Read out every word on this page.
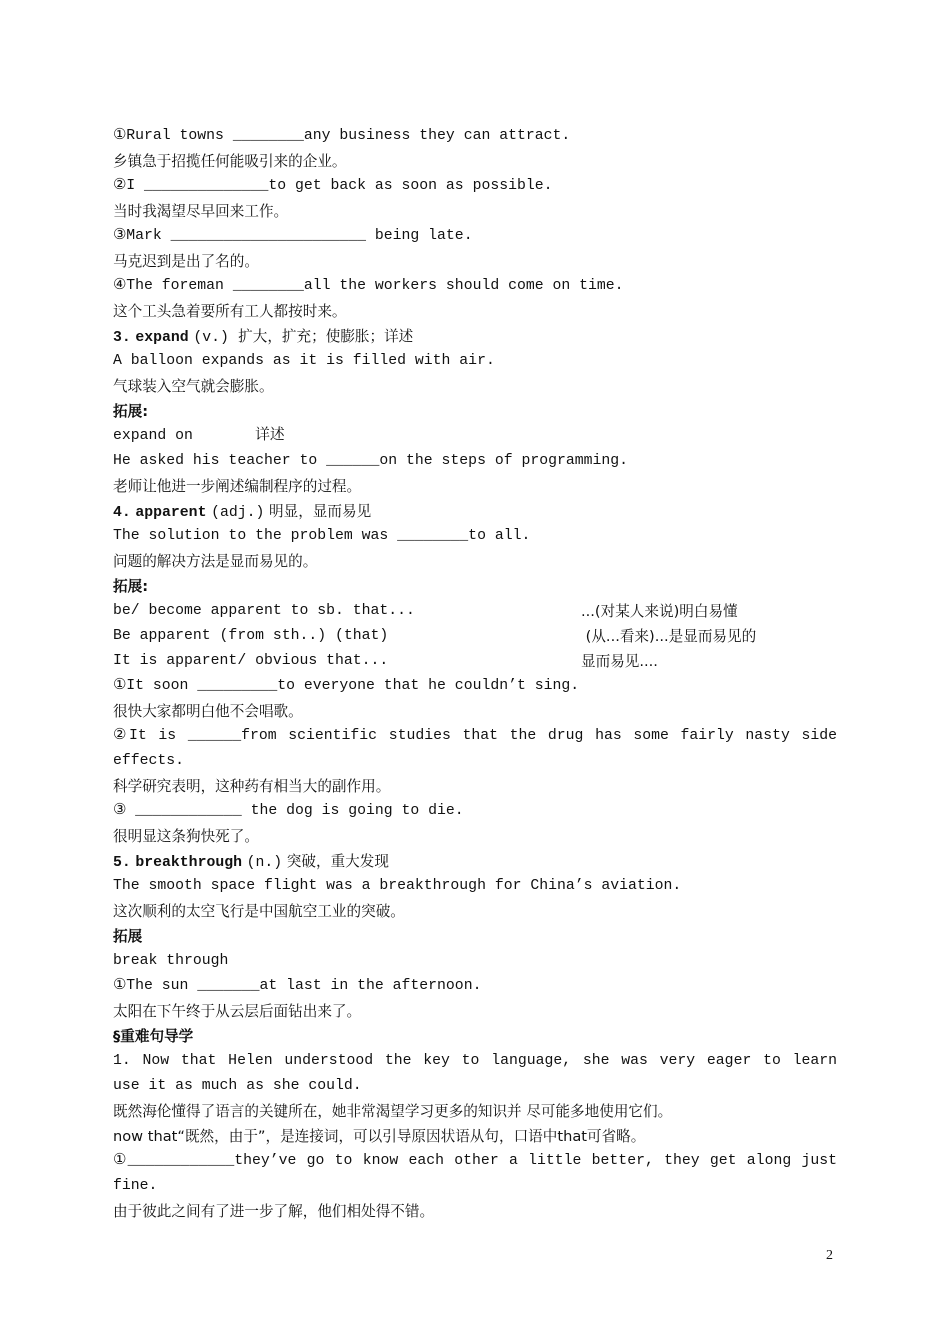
①Rural towns ________any business they can attract.
乡镇急于招揽任何能吸引来的企业。
②I ______________to get back as soon as possible.
当时我渴望尽早回来工作。
③Mark ______________________ being late.
马克迟到是出了名的。
④The foreman ________all the workers should come on time.
这个工头急着要所有工人都按时来。
3. expand (v.) 扩大，扩充；使膨胀；详述
A balloon expands as it is filled with air.
气球装入空气就会膨胀。
拓展:
expand on       详述
He asked his teacher to ______on the steps of programming.
老师让他进一步阐述编制程序的过程。
4. apparent (adj.) 明显，显而易见
The solution to the problem was ________to all.
问题的解决方法是显而易见的。
拓展:

be/ become apparent to sb. that...

	...(对某人来说)明白易懂

Be apparent (from sth..) (that)

	(从...看来)...是显而易见的

It is apparent/ obvious that...

	显而易见....

①It soon _________to everyone that he couldn’t sing.
很快大家都明白他不会唱歌。
②It is ______from scientific studies that the drug has some fairly nasty side
effects.
科学研究表明，这种药有相当大的副作用。
③ ____________ the dog is going to die.
很明显这条狗快死了。
5. breakthrough (n.) 突破，重大发现
The smooth space flight was a breakthrough for China’s aviation.
这次顺利的太空飞行是中国航空工业的突破。
拓展
break through
①The sun _______at last in the afternoon.
太阳在下午终于从云层后面钻出来了。
§重难句导学
1. Now that Helen understood the key to language, she was very eager to learn
use it as much as she could.
既然海伦懂得了语言的关键所在，她非常渴望学习更多的知识并 尽可能多地使用它们。
now that“既然，由于”，是连接词，可以引导原因状语从句，口语中that可省略。
①____________they’ve go to know each other a little better, they get along just
fine.
由于彼此之间有了进一步了解，他们相处得不错。
2
